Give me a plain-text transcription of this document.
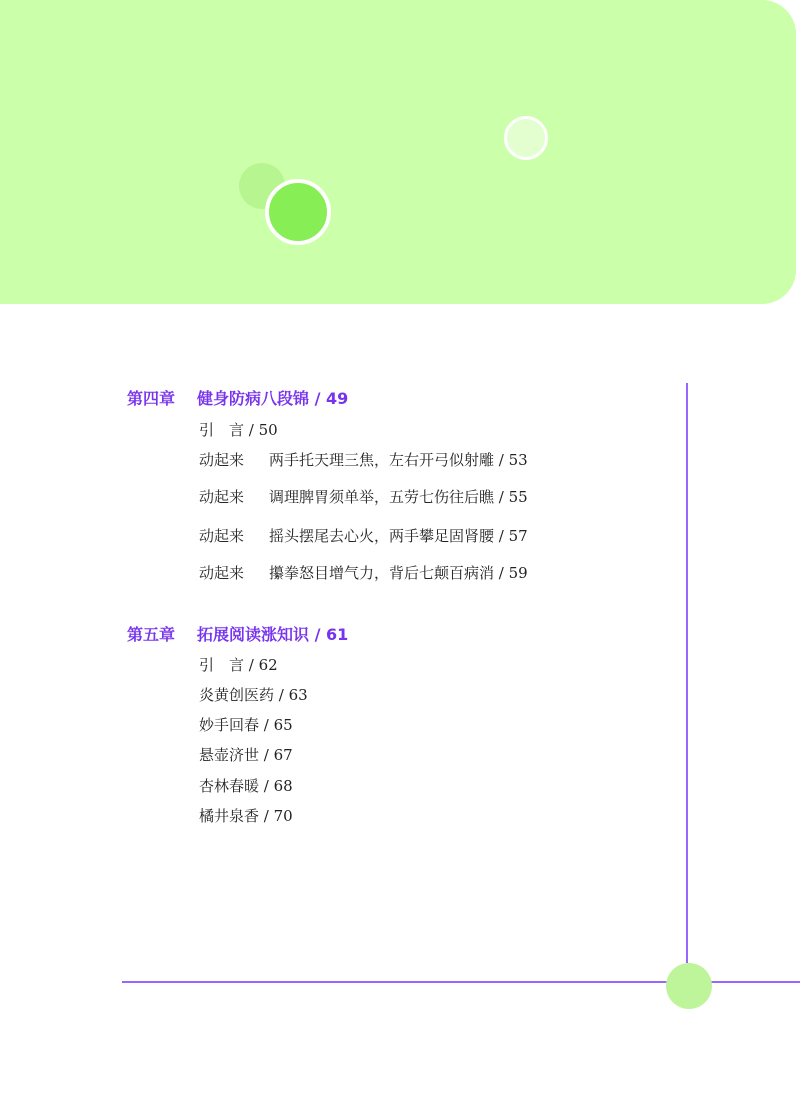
第四章 健身防病八段锦 / 49
引　言 / 50
动起来 两手托天理三焦，左右开弓似射雕 / 53
动起来 调理脾胃须单举，五劳七伤往后瞧 / 55
动起来 摇头摆尾去心火，两手攀足固肾腰 / 57
动起来 攥拳怒目增气力，背后七颠百病消 / 59
第五章 拓展阅读涨知识 / 61
引　言 / 62
炎黄创医药 / 63
妙手回春 / 65
悬壶济世 / 67
杏林春暖 / 68
橘井泉香 / 70
